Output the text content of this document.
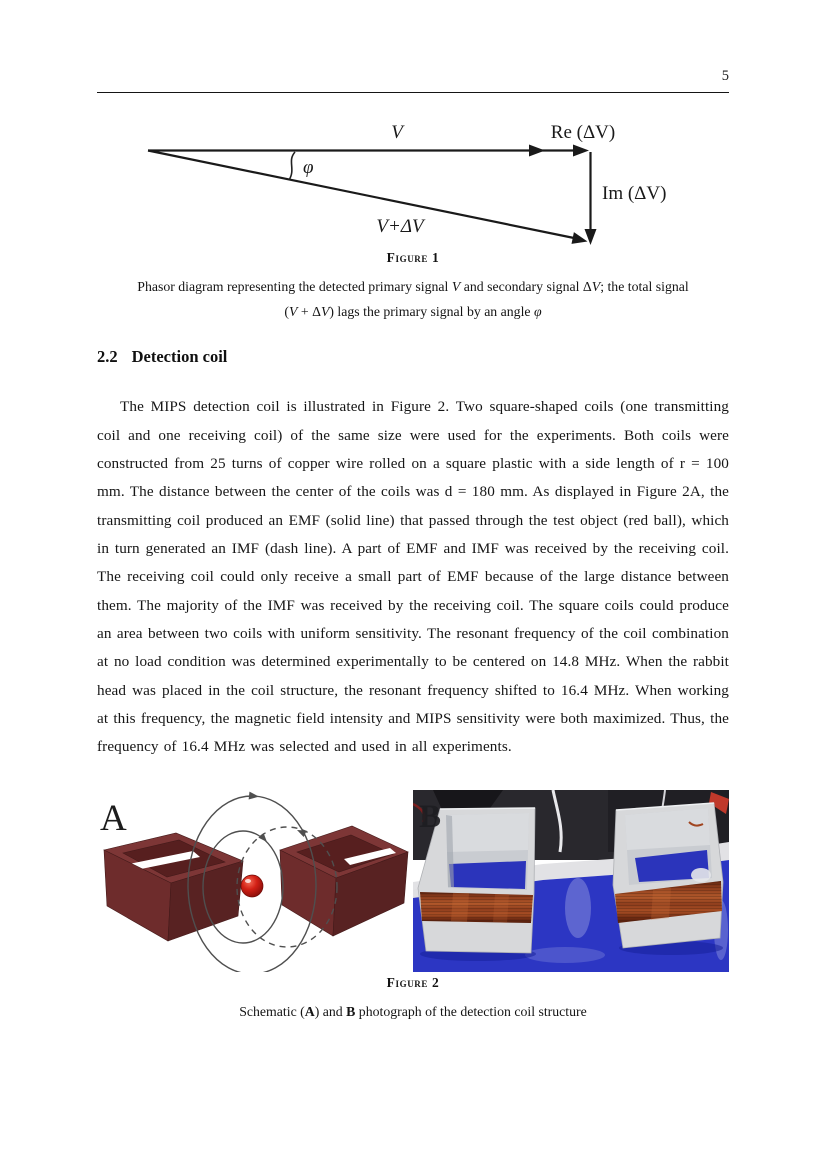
5
V	Re (ΔV)
Im (ΔV)
φ
V+ΔV
Figure 1
Phasor diagram representing the detected primary signal V and secondary signal ΔV; the total signal
(V + ΔV) lags the primary signal by an angle φ
2.2 Detection coil

The MIPS detection coil is illustrated in Figure 2. Two square-shaped coils (one transmitting coil and one receiving coil) of the same size were used for the experiments. Both coils were constructed from 25 turns of copper wire rolled on a square plastic with a side length of r = 100 mm. The distance between the center of the coils was d = 180 mm. As displayed in Figure 2A, the transmitting coil produced an EMF (solid line) that passed through the test object (red ball), which in turn generated an IMF (dash line). A part of EMF and IMF was received by the receiving coil. The receiving coil could only receive a small part of EMF because of the large distance between them. The majority of the IMF was received by the receiving coil. The square coils could produce an area between two coils with uniform sensitivity. The resonant frequency of the coil combination at no load condition was determined experimentally to be centered on 14.8 MHz. When the rabbit head was placed in the coil structure, the resonant frequency shifted to 16.4 MHz. When working at this frequency, the magnetic field intensity and MIPS sensitivity were both maximized. Thus, the frequency of 16.4 MHz was selected and used in all experiments.

A	B
Figure 2
Schematic (A) and B photograph of the detection coil structure
